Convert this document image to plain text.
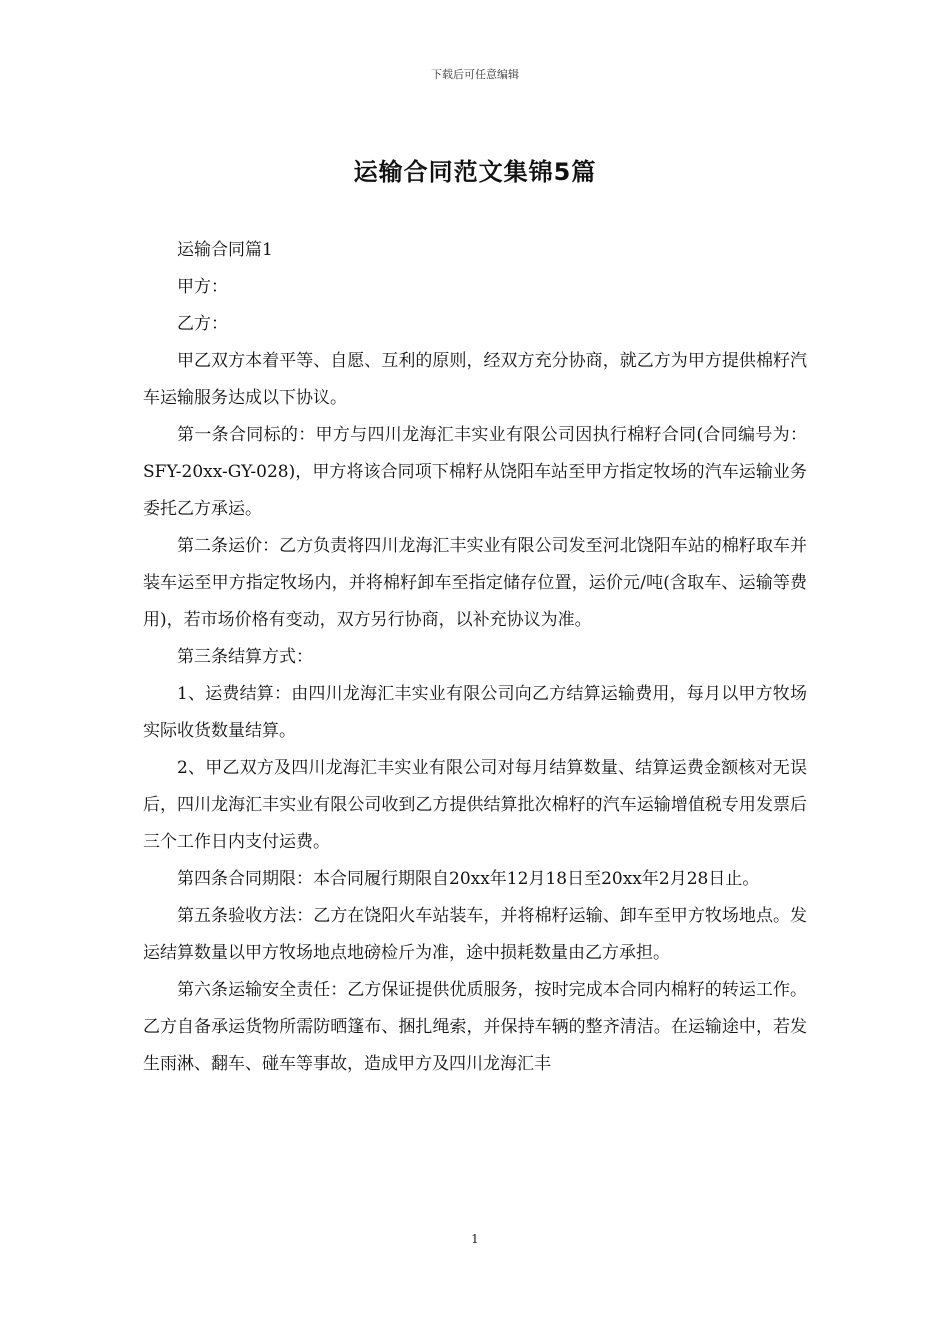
下载后可任意编辑
运输合同范文集锦5篇

运输合同篇1

甲方：

乙方：

甲乙双方本着平等、自愿、互利的原则，经双方充分协商，就乙方为甲方提供棉籽汽车运输服务达成以下协议。

第一条合同标的：甲方与四川龙海汇丰实业有限公司因执行棉籽合同(合同编号为：SFY-20xx-GY-028)，甲方将该合同项下棉籽从饶阳车站至甲方指定牧场的汽车运输业务委托乙方承运。

第二条运价：乙方负责将四川龙海汇丰实业有限公司发至河北饶阳车站的棉籽取车并装车运至甲方指定牧场内，并将棉籽卸车至指定储存位置，运价元/吨(含取车、运输等费用)，若市场价格有变动，双方另行协商，以补充协议为准。

第三条结算方式：

1、运费结算：由四川龙海汇丰实业有限公司向乙方结算运输费用，每月以甲方牧场实际收货数量结算。

2、甲乙双方及四川龙海汇丰实业有限公司对每月结算数量、结算运费金额核对无误后，四川龙海汇丰实业有限公司收到乙方提供结算批次棉籽的汽车运输增值税专用发票后三个工作日内支付运费。

第四条合同期限：本合同履行期限自20xx年12月18日至20xx年2月28日止。

第五条验收方法：乙方在饶阳火车站装车，并将棉籽运输、卸车至甲方牧场地点。发运结算数量以甲方牧场地点地磅检斤为准，途中损耗数量由乙方承担。

第六条运输安全责任：乙方保证提供优质服务，按时完成本合同内棉籽的转运工作。乙方自备承运货物所需防晒篷布、捆扎绳索，并保持车辆的整齐清洁。在运输途中，若发生雨淋、翻车、碰车等事故，造成甲方及四川龙海汇丰

1
